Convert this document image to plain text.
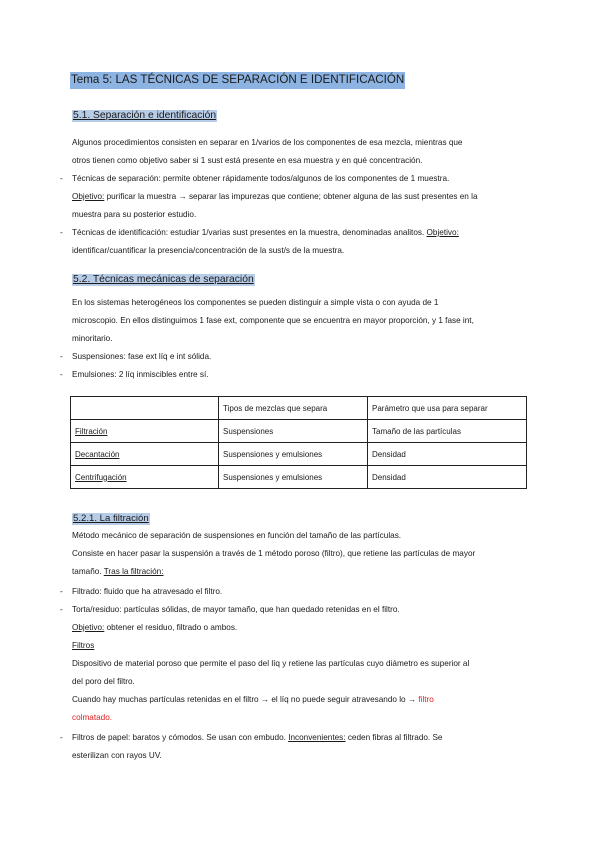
Tema 5: LAS TÉCNICAS DE SEPARACIÓN E IDENTIFICACIÓN
5.1. Separación e identificación
Algunos procedimientos consisten en separar en 1/varios de los componentes de esa mezcla, mientras que
otros tienen como objetivo saber si 1 sust está presente en esa muestra y en qué concentración.
- Técnicas de separación: permite obtener rápidamente todos/algunos de los componentes de 1 muestra.
Objetivo: purificar la muestra → separar las impurezas que contiene; obtener alguna de las sust presentes en la
muestra para su posterior estudio.
- Técnicas de identificación: estudiar 1/varias sust presentes en la muestra, denominadas analitos. Objetivo:
identificar/cuantificar la presencia/concentración de la sust/s de la muestra.
5.2. Técnicas mecánicas de separación
En los sistemas heterogéneos los componentes se pueden distinguir a simple vista o con ayuda de 1
microscopio. En ellos distinguimos 1 fase ext, componente que se encuentra en mayor proporción, y 1 fase int,
minoritario.
- Suspensiones: fase ext líq e int sólida.
- Emulsiones: 2 líq inmiscibles entre sí.
	Tipos de mezclas que separa	Parámetro que usa para separar
Filtración	Suspensiones	Tamaño de las partículas
Decantación	Suspensiones y emulsiones	Densidad
Centrifugación	Suspensiones y emulsiones	Densidad
5.2.1. La filtración
Método mecánico de separación de suspensiones en función del tamaño de las partículas.
Consiste en hacer pasar la suspensión a través de 1 método poroso (filtro), que retiene las partículas de mayor
tamaño. Tras la filtración:
- Filtrado: fluido que ha atravesado el filtro.
- Torta/residuo: partículas sólidas, de mayor tamaño, que han quedado retenidas en el filtro.
Objetivo: obtener el residuo, filtrado o ambos.
Filtros
Dispositivo de material poroso que permite el paso del líq y retiene las partículas cuyo diámetro es superior al
del poro del filtro.
Cuando hay muchas partículas retenidas en el filtro → el líq no puede seguir atravesando lo → filtro
colmatado.
- Filtros de papel: baratos y cómodos. Se usan con embudo. Inconvenientes: ceden fibras al filtrado. Se
esterilizan con rayos UV.
